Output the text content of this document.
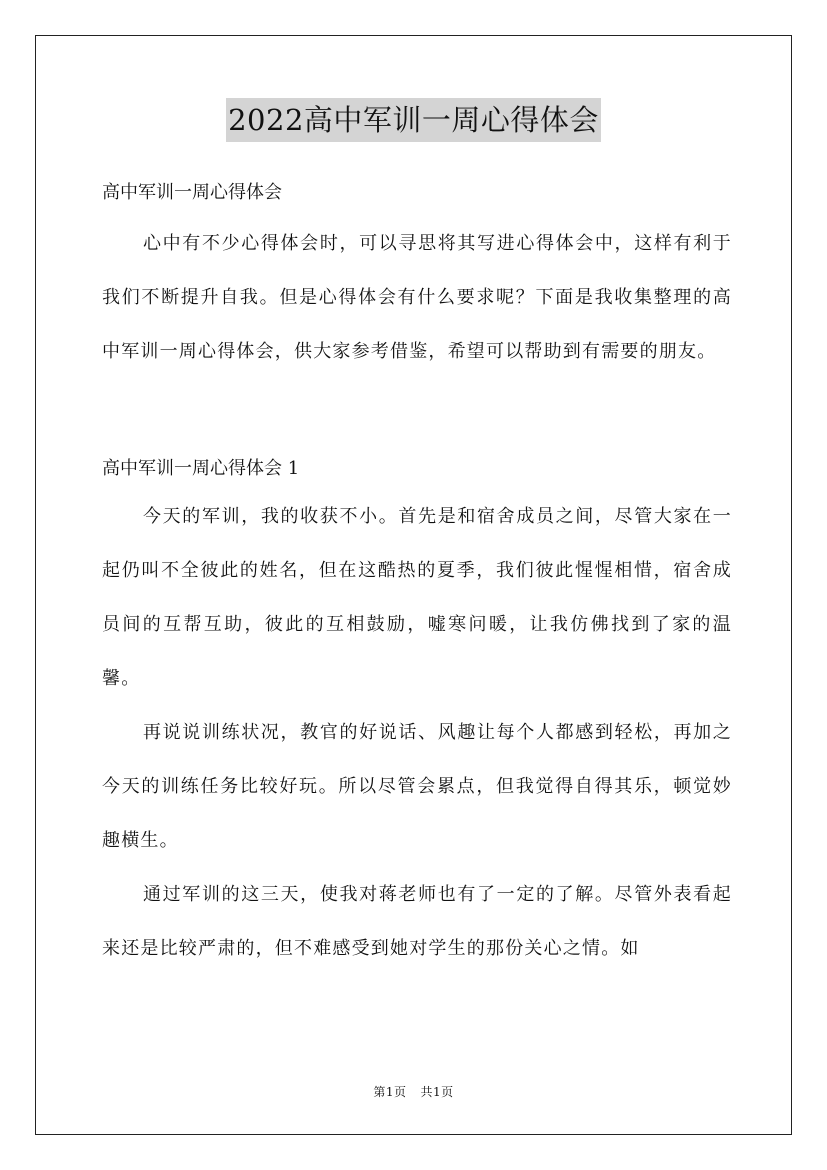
2022高中军训一周心得体会

高中军训一周心得体会

心中有不少心得体会时，可以寻思将其写进心得体会中，这样有利于我们不断提升自我。但是心得体会有什么要求呢？下面是我收集整理的高中军训一周心得体会，供大家参考借鉴，希望可以帮助到有需要的朋友。

高中军训一周心得体会 1

今天的军训，我的收获不小。首先是和宿舍成员之间，尽管大家在一起仍叫不全彼此的姓名，但在这酷热的夏季，我们彼此惺惺相惜，宿舍成员间的互帮互助，彼此的互相鼓励，嘘寒问暖，让我仿佛找到了家的温馨。

再说说训练状况，教官的好说话、风趣让每个人都感到轻松，再加之今天的训练任务比较好玩。所以尽管会累点，但我觉得自得其乐，顿觉妙趣横生。

通过军训的这三天，使我对蒋老师也有了一定的了解。尽管外表看起来还是比较严肃的，但不难感受到她对学生的那份关心之情。如

第1页 共1页
